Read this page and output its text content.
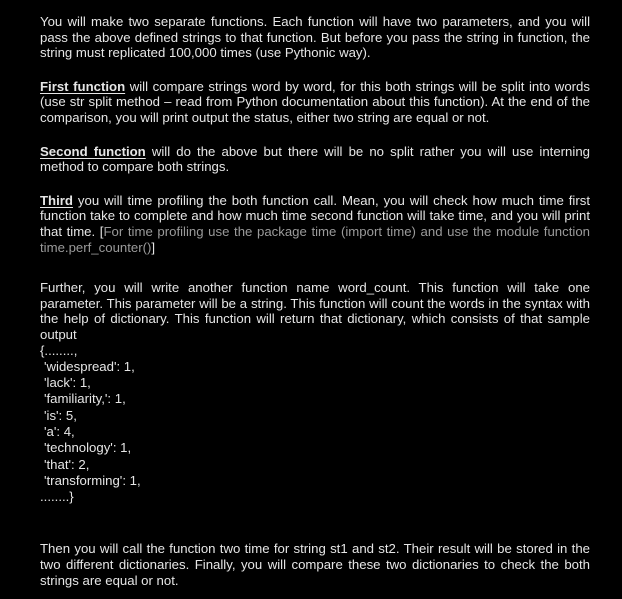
You will make two separate functions. Each function will have two parameters, and you will pass the above defined strings to that function. But before you pass the string in function, the string must replicated 100,000 times (use Pythonic way).

First function will compare strings word by word, for this both strings will be split into words (use str split method – read from Python documentation about this function). At the end of the comparison, you will print output the status, either two string are equal or not.

Second function will do the above but there will be no split rather you will use interning method to compare both strings.

Third you will time profiling the both function call. Mean, you will check how much time first function take to complete and how much time second function will take time, and you will print that time. [For time profiling use the package time (import time) and use the module function time.perf_counter()]

Further, you will write another function name word_count. This function will take one parameter. This parameter will be a string. This function will count the words in the syntax with the help of dictionary. This function will return that dictionary, which consists of that sample output

{........,
'widespread': 1,
'lack': 1,
'familiarity,': 1,
'is': 5,
'a': 4,
'technology': 1,
'that': 2,
'transforming': 1,
........}

Then you will call the function two time for string st1 and st2. Their result will be stored in the two different dictionaries. Finally, you will compare these two dictionaries to check the both strings are equal or not.
